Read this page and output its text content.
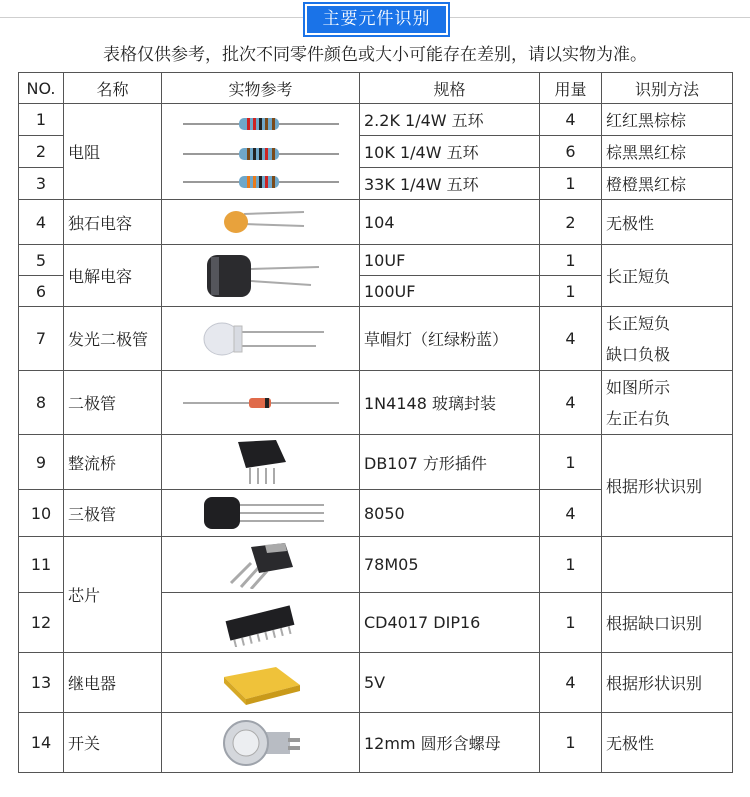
主要元件识别
表格仅供参考，批次不同零件颜色或大小可能存在差别，请以实物为准。
NO.	名称	实物参考	规格	用量	识别方法
1	电阻		2.2K 1/4W 五环	4	红红黑棕棕
2			10K 1/4W 五环	6	棕黑黑红棕
3			33K 1/4W 五环	1	橙橙黑红棕
4	独石电容		104	2	无极性
5	电解电容		10UF	1	长正短负
6			100UF	1	
7	发光二极管		草帽灯（红绿粉蓝）	4	长正短负
缺口负极

8	二极管		1N4148 玻璃封装	4	如图所示
左正右负

9	整流桥		DB107 方形插件	1	根据形状识别
10	三极管		8050	4	
11	芯片		78M05	1	
12			CD4017 DIP16	1	根据缺口识别
13	继电器		5V	4	根据形状识别
14	开关		12mm 圆形含螺母	1	无极性
